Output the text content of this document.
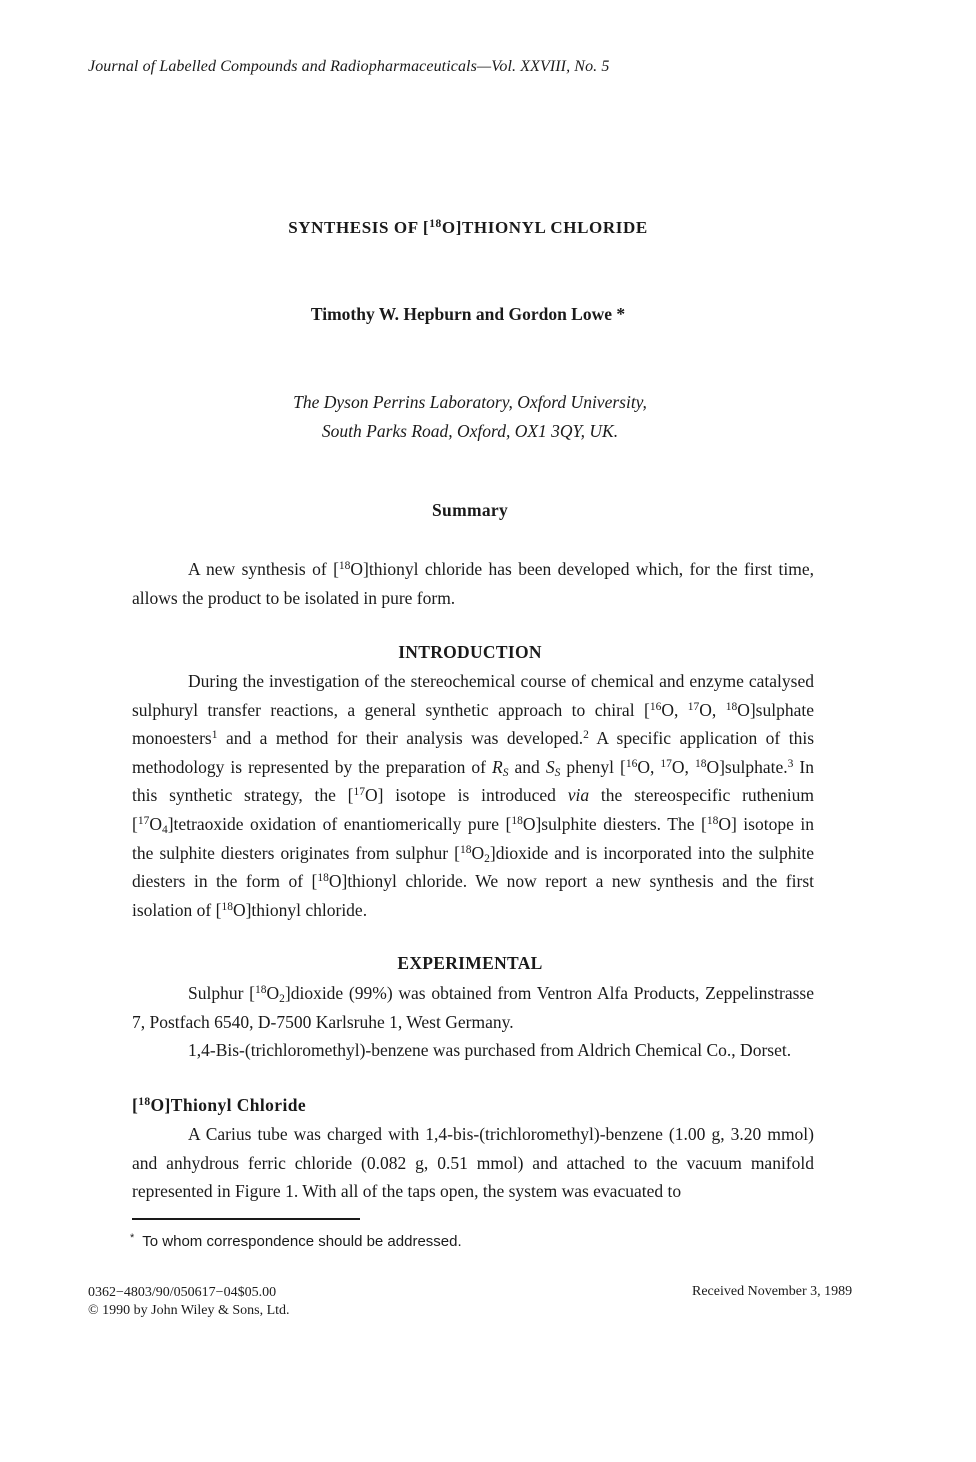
Journal of Labelled Compounds and Radiopharmaceuticals—Vol. XXVIII, No. 5
SYNTHESIS OF [$^{18}$O]THIONYL CHLORIDE
Timothy W. Hepburn and Gordon Lowe *
The Dyson Perrins Laboratory, Oxford University,
South Parks Road, Oxford, OX1 3QY, UK.
Summary

A new synthesis of [$^{18}$O]thionyl chloride has been developed which, for the first time, allows the product to be isolated in pure form.

INTRODUCTION

During the investigation of the stereochemical course of chemical and enzyme catalysed sulphuryl transfer reactions, a general synthetic approach to chiral [$^{16}$O, $^{17}$O, $^{18}$O]sulphate monoesters$^1$ and a method for their analysis was developed.$^2$ A specific application of this methodology is represented by the preparation of $R_S$ and $S_S$ phenyl [$^{16}$O, $^{17}$O, $^{18}$O]sulphate.$^3$ In this synthetic strategy, the [$^{17}$O] isotope is introduced via the stereospecific ruthenium $[^{17}O_4]tetraoxide$ oxidation of enantiomerically pure [$^{18}$O]sulphite diesters. The [$^{18}$O] isotope in the sulphite diesters originates from sulphur $[^{18}O_2]dioxide$ and is incorporated into the sulphite diesters in the form of [$^{18}$O]thionyl chloride. We now report a new synthesis and the first isolation of [$^{18}$O]thionyl chloride.

EXPERIMENTAL

Sulphur $[^{18}O_2]dioxide$ (99%) was obtained from Ventron Alfa Products, Zeppelinstrasse 7, Postfach 6540, D-7500 Karlsruhe 1, West Germany.

1,4-Bis-(trichloromethyl)-benzene was purchased from Aldrich Chemical Co., Dorset.

[$^{18}$O]Thionyl Chloride

A Carius tube was charged with 1,4-bis-(trichloromethyl)-benzene (1.00 g, 3.20 mmol) and anhydrous ferric chloride (0.082 g, 0.51 mmol) and attached to the vacuum manifold represented in Figure 1. With all of the taps open, the system was evacuated to

* To whom correspondence should be addressed.
0362−4803/90/050617−04$05.00
© 1990 by John Wiley & Sons, Ltd.
Received November 3, 1989
